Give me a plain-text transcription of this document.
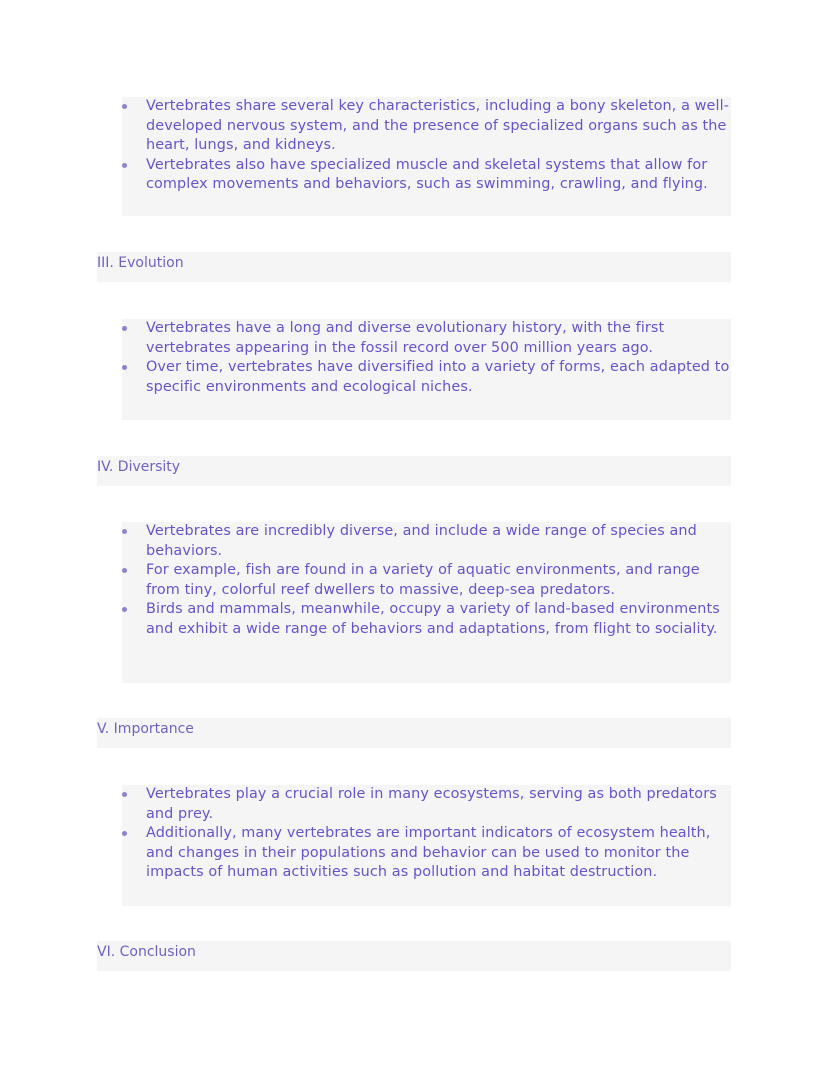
Vertebrates share several key characteristics, including a bony skeleton, a well-developed nervous system, and the presence of specialized organs such as the heart, lungs, and kidneys.
Vertebrates also have specialized muscle and skeletal systems that allow for complex movements and behaviors, such as swimming, crawling, and flying.
III. Evolution
Vertebrates have a long and diverse evolutionary history, with the first vertebrates appearing in the fossil record over 500 million years ago.
Over time, vertebrates have diversified into a variety of forms, each adapted to specific environments and ecological niches.
IV. Diversity
Vertebrates are incredibly diverse, and include a wide range of species and behaviors.
For example, fish are found in a variety of aquatic environments, and range from tiny, colorful reef dwellers to massive, deep-sea predators.
Birds and mammals, meanwhile, occupy a variety of land-based environments and exhibit a wide range of behaviors and adaptations, from flight to sociality.
V. Importance
Vertebrates play a crucial role in many ecosystems, serving as both predators and prey.
Additionally, many vertebrates are important indicators of ecosystem health, and changes in their populations and behavior can be used to monitor the impacts of human activities such as pollution and habitat destruction.
VI. Conclusion
